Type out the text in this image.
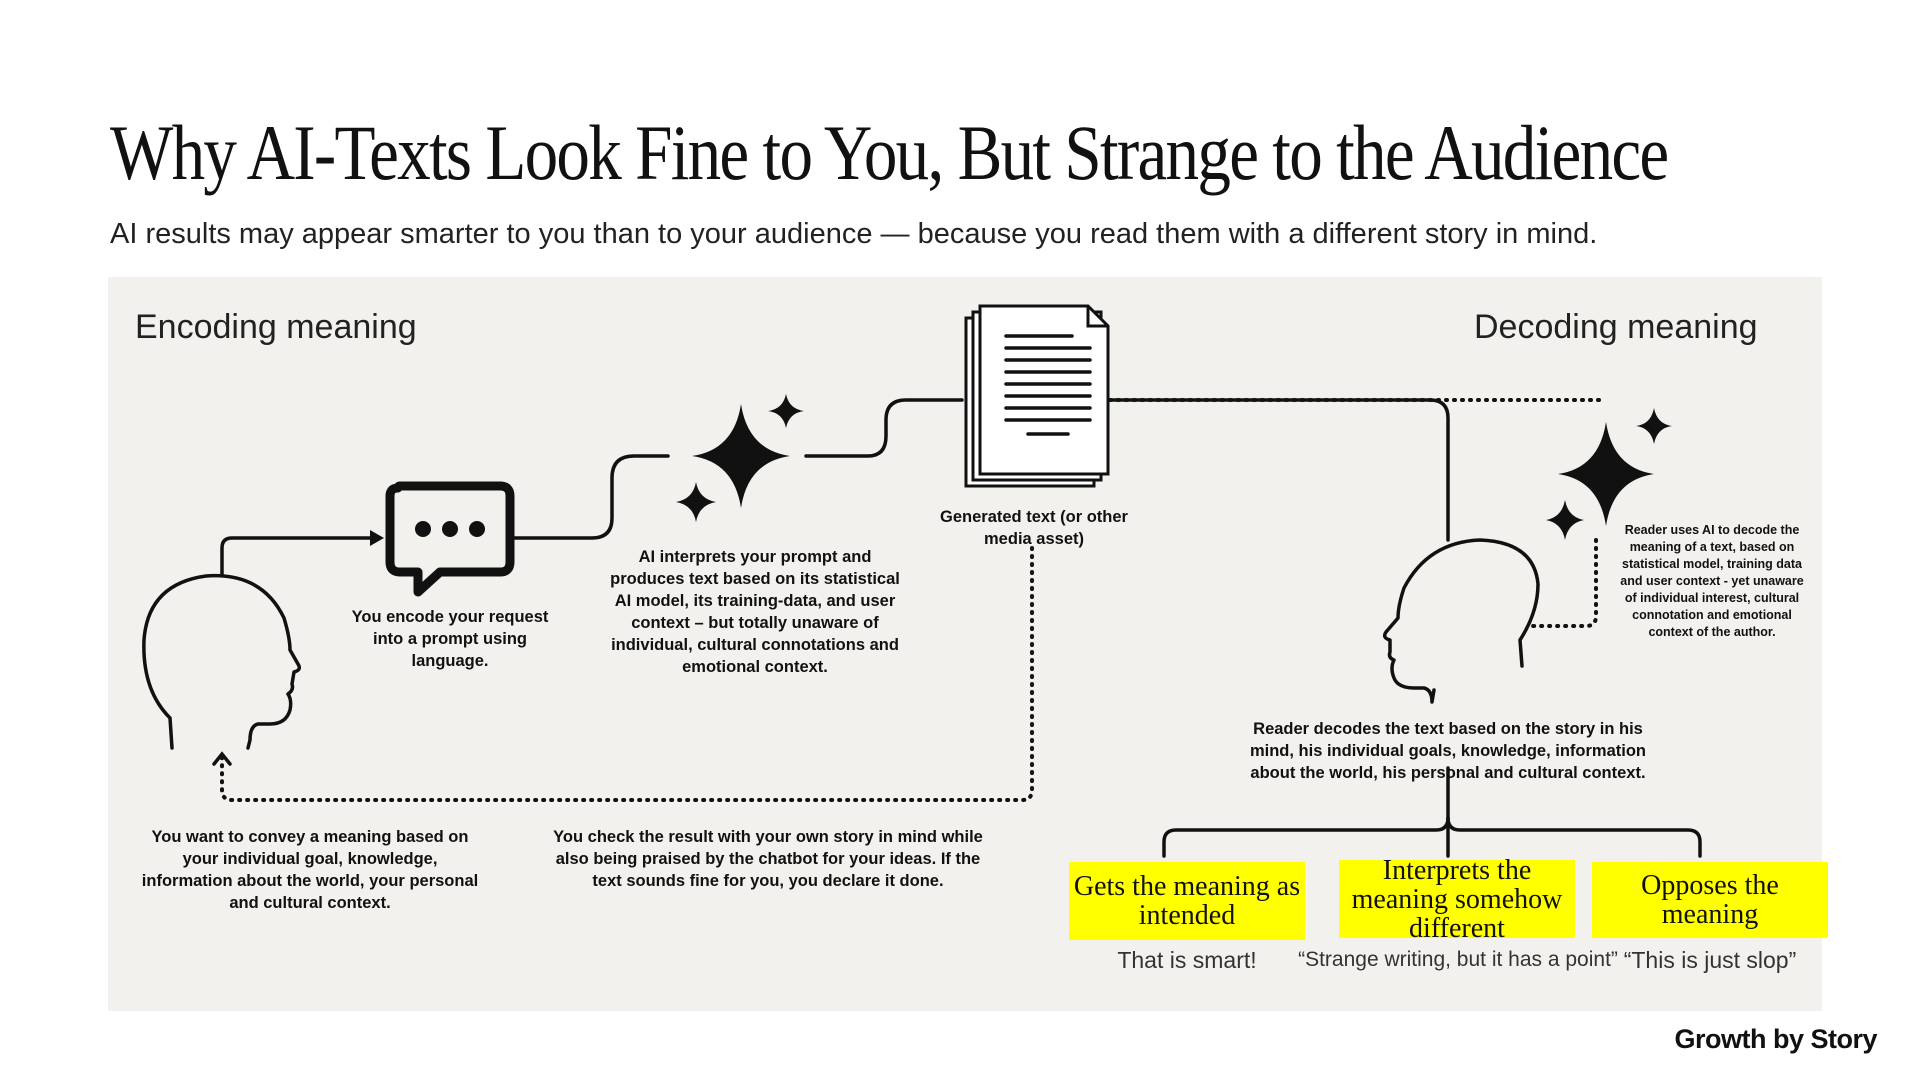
Why AI-Texts Look Fine to You, But Strange to the Audience
AI results may appear smarter to you than to your audience — because you read them with a different story in mind.
Encoding meaning	Decoding meaning
You encode your request into a prompt using language.
AI interprets your prompt and produces text based on its statistical AI model, its training-data, and user context – but totally unaware of individual, cultural connotations and emotional context.
Generated text (or other media asset)
You want to convey a meaning based on your individual goal, knowledge, information about the world, your personal and cultural context.
You check the result with your own story in mind while also being praised by the chatbot for your ideas. If the text sounds fine for you, you declare it done.
Reader uses AI to decode the meaning of a text, based on statistical model, training data and user context - yet unaware of individual interest, cultural connotation and emotional context of the author.
Reader decodes the text based on the story in his mind, his individual goals, knowledge, information about the world, his personal and cultural context.
Gets the meaning as intended
Interprets the meaning somehow different
Opposes the meaning
That is smart!	“Strange writing, but it has a point” “This is just slop”
Growth by Story
